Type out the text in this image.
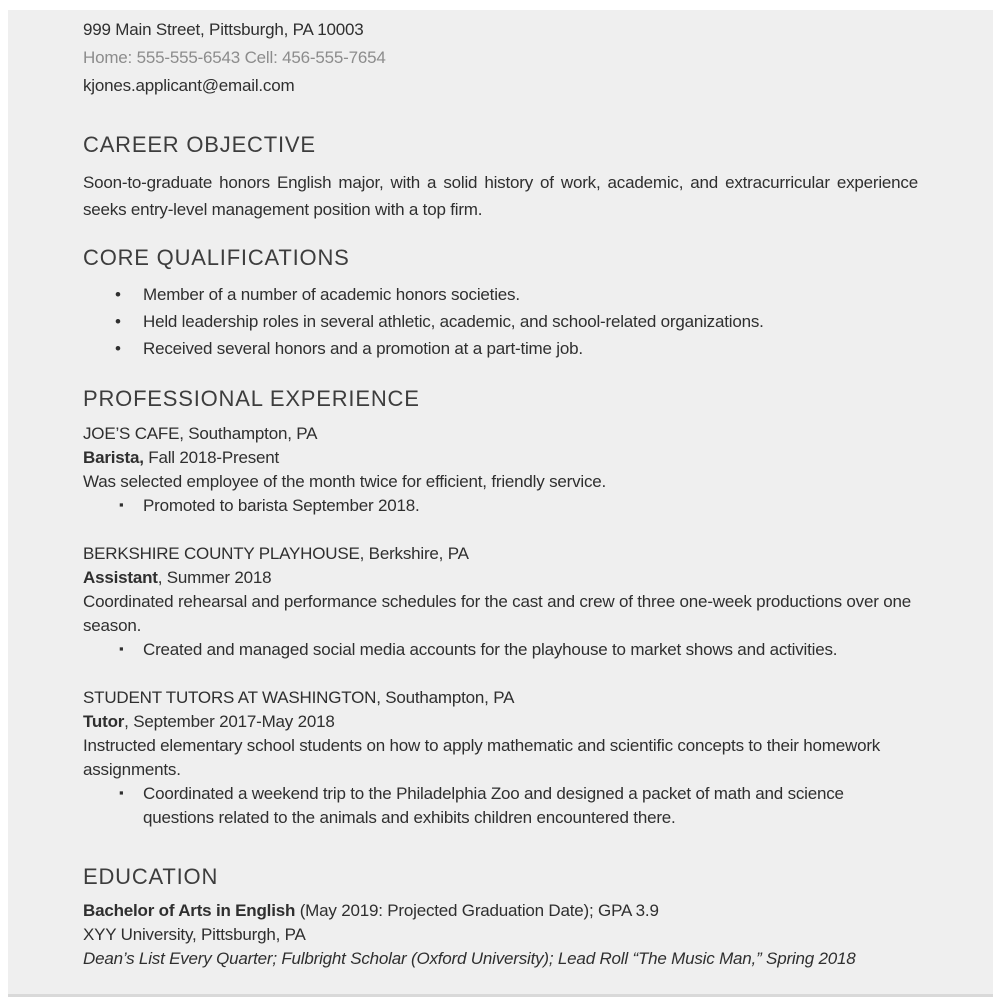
999 Main Street, Pittsburgh, PA 10003
Home: 555-555-6543 Cell: 456-555-7654
kjones.applicant@email.com
CAREER OBJECTIVE

Soon-to-graduate honors English major, with a solid history of work, academic, and extracurricular experience seeks entry-level management position with a top firm.

CORE QUALIFICATIONS
• Member of a number of academic honors societies.
• Held leadership roles in several athletic, academic, and school-related organizations.
• Received several honors and a promotion at a part-time job.
PROFESSIONAL EXPERIENCE
JOE’S CAFE, Southampton, PA
Barista, Fall 2018-Present
Was selected employee of the month twice for efficient, friendly service.
▪ Promoted to barista September 2018.
BERKSHIRE COUNTY PLAYHOUSE, Berkshire, PA
Assistant, Summer 2018
Coordinated rehearsal and performance schedules for the cast and crew of three one-week productions over one season.
▪ Created and managed social media accounts for the playhouse to market shows and activities.
STUDENT TUTORS AT WASHINGTON, Southampton, PA
Tutor, September 2017-May 2018
Instructed elementary school students on how to apply mathematic and scientific concepts to their homework assignments.
▪ Coordinated a weekend trip to the Philadelphia Zoo and designed a packet of math and science questions related to the animals and exhibits children encountered there.
EDUCATION
Bachelor of Arts in English (May 2019: Projected Graduation Date); GPA 3.9
XYY University, Pittsburgh, PA
Dean’s List Every Quarter; Fulbright Scholar (Oxford University); Lead Roll “The Music Man,” Spring 2018
